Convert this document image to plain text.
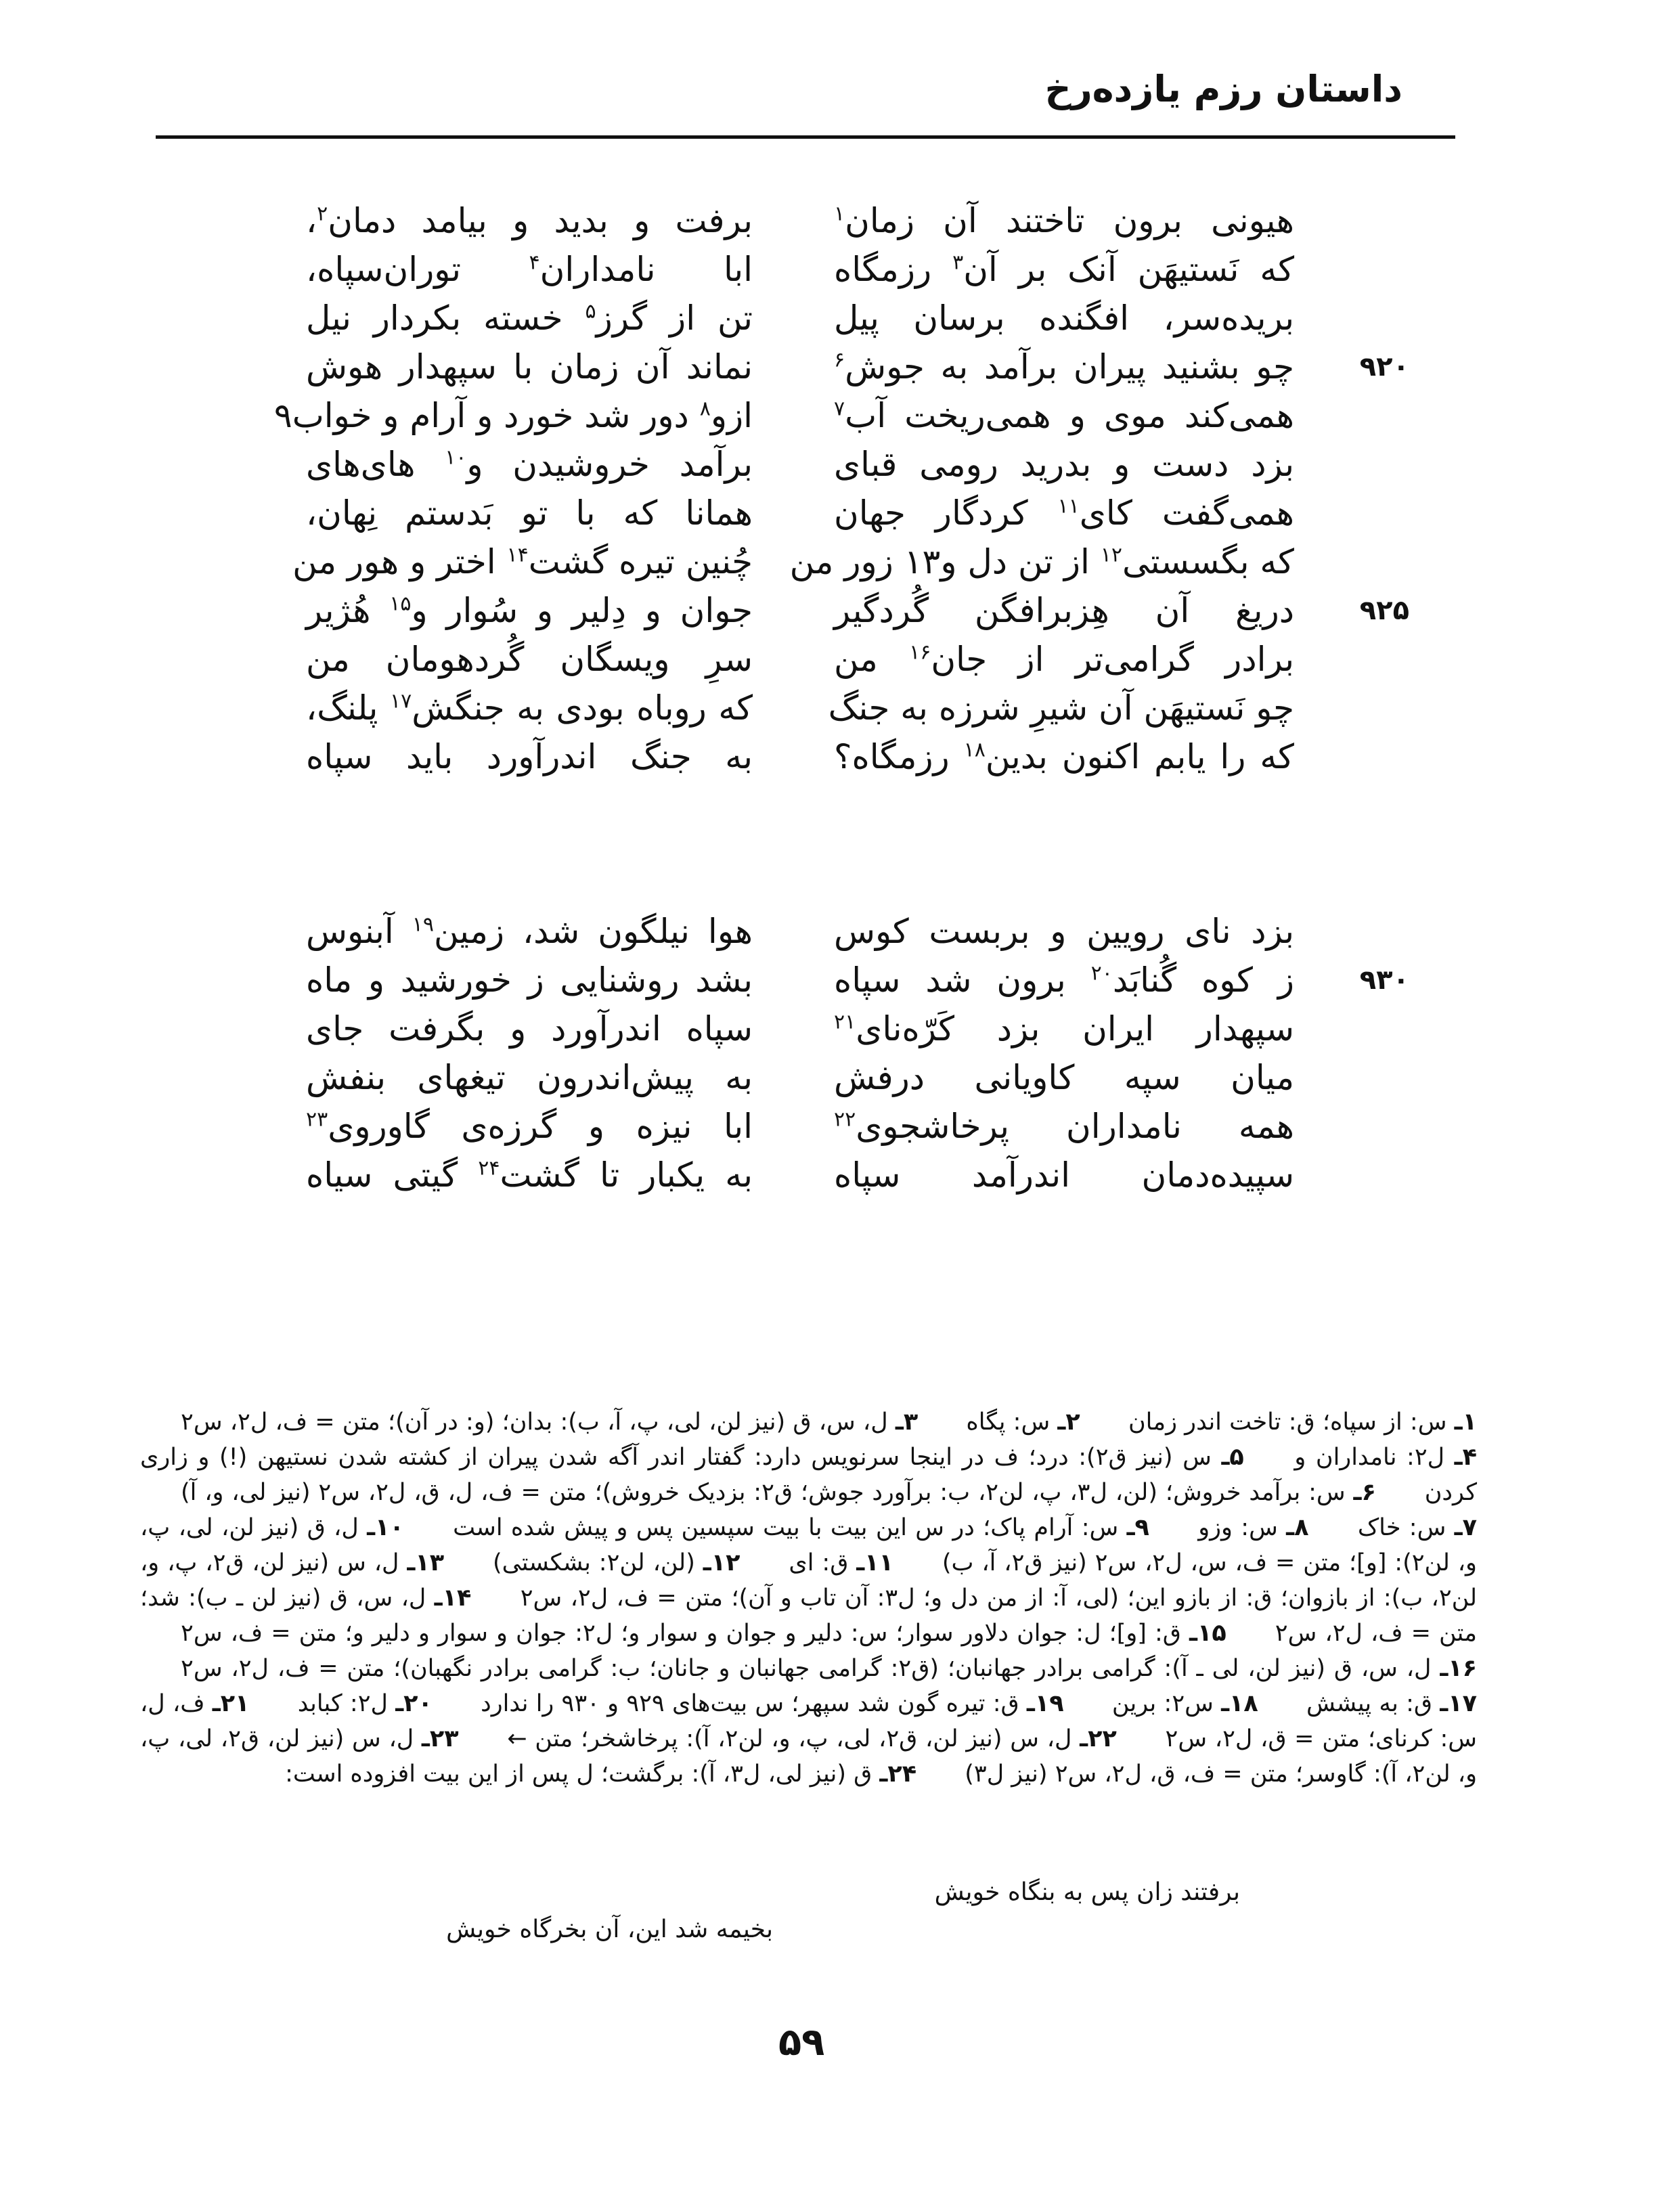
داستان رزم یازده‌رخ
هیونی برون تاختند آن زمان$^۱$
برفت و بدید و بیامد دمان$^۲$،
که نَستیهَن آنک بر آن$^۳$ رزمگاه
ابا نامداران$^۴$ توران‌سپاه،
بریده‌سر، افگنده برسان پیل
تن از گرز$^۵$ خسته بکردار نیل
چو بشنید پیران برآمد به جوش$^۶$
نماند آن زمان با سپهدار هوش	۹۲۰
همی‌کند موی و همی‌ریخت آب$^۷$
ازو$^۸$ دور شد خورد و آرام و خواب۹
بزد دست و بدرید رومی قبای
برآمد خروشیدن و$^{۱۰}$ های‌های
همی‌گفت کای$^{۱۱}$ کردگار جهان
همانا که با تو بَدستم نِهان،
که بگسستی$^{۱۲}$ از تن دل و۱۳ زور من
چُنین تیره گشت$^{۱۴}$ اختر و هور من
دریغ آن هِزبرافگن گُردگیر
جوان و دِلیر و سُوار و$^{۱۵}$ هُژیر	۹۲۵
برادر گرامی‌تر از جان$^{۱۶}$ من
سرِ ویسگان گُردهومان من
چو نَستیهَن آن شیرِ شرزه به جنگ
که روباه بودی به جنگش$^{۱۷}$ پلنگ،
که را یابم اکنون بدین$^{۱۸}$ رزمگاه؟
به جنگ اندرآورد باید سپاه
بزد نای رویین و بربست کوس
هوا نیلگون شد، زمین$^{۱۹}$ آبنوس
ز کوه گُنابَد$^{۲۰}$ برون شد سپاه
بشد روشنایی ز خورشید و ماه	۹۳۰
سپهدار ایران بزد کَرّه‌نای$^{۲۱}$
سپاه اندرآورد و بگرفت جای
میان سپه کاویانی درفش
به پیش‌اندرون تیغهای بنفش
همه نامداران پرخاشجوی$^{۲۲}$
ابا نیزه و گرزه‌ی گاوروی$^{۲۳}$
سپیده‌دمان اندرآمد سپاه
به یکبار تا گشت$^{۲۴}$ گیتی سیاه
۱ـ س: از سپاه؛ ق: تاخت اندر زمان ۲ـ س: پگاه ۳ـ ل، س، ق (نیز لن، لی، پ، آ، ب): بدان؛ (و: در آن)؛ متن = ف، ل۲، س۲ ۴ـ ل۲: نامداران و ۵ـ س (نیز ق۲): درد؛ ف در اینجا سرنویس دارد: گفتار اندر آگه شدن پیران از کشته شدن نستیهن (!) و زاری کردن ۶ـ س: برآمد خروش؛ (لن، ل۳، پ، لن۲، ب: برآورد جوش؛ ق۲: بزدیک خروش)؛ متن = ف، ل، ق، ل۲، س۲ (نیز لی، و، آ) ۷ـ س: خاک ۸ـ س: وزو ۹ـ س: آرام پاک؛ در س این بیت با بیت سپسین پس و پیش شده است ۱۰ـ ل، ق (نیز لن، لی، پ، و، لن۲): [و]؛ متن = ف، س، ل۲، س۲ (نیز ق۲، آ، ب) ۱۱ـ ق: ای ۱۲ـ (لن، لن۲: بشکستی) ۱۳ـ ل، س (نیز لن، ق۲، پ، و، لن۲، ب): از بازوان؛ ق: از بازو این؛ (لی، آ: از من دل و؛ ل۳: آن تاب و آن)؛ متن = ف، ل۲، س۲ ۱۴ـ ل، س، ق (نیز لن ـ ب): شد؛ متن = ف، ل۲، س۲ ۱۵ـ ق: [و]؛ ل: جوان دلاور سوار؛ س: دلیر و جوان و سوار و؛ ل۲: جوان و سوار و دلیر و؛ متن = ف، س۲ ۱۶ـ ل، س، ق (نیز لن، لی ـ آ): گرامی برادر جهانبان؛ (ق۲: گرامی جهانبان و جانان؛ ب: گرامی برادر نگهبان)؛ متن = ف، ل۲، س۲ ۱۷ـ ق: به پیشش ۱۸ـ س۲: برین ۱۹ـ ق: تیره گون شد سپهر؛ س بیت‌های ۹۲۹ و ۹۳۰ را ندارد ۲۰ـ ل۲: کبابد ۲۱ـ ف، ل، س: کرنای؛ متن = ق، ل۲، س۲ ۲۲ـ ل، س (نیز لن، ق۲، لی، پ، و، لن۲، آ): پرخاشخر؛ متن ← ۲۳ـ ل، س (نیز لن، ق۲، لی، پ، و، لن۲، آ): گاوسر؛ متن = ف، ق، ل۲، س۲ (نیز ل۳) ۲۴ـ ق (نیز لی، ل۳، آ): برگشت؛ ل پس از این بیت افزوده است:
برفتند زان پس به بنگاه خویش
بخیمه شد این، آن بخرگاه خویش
۵۹
